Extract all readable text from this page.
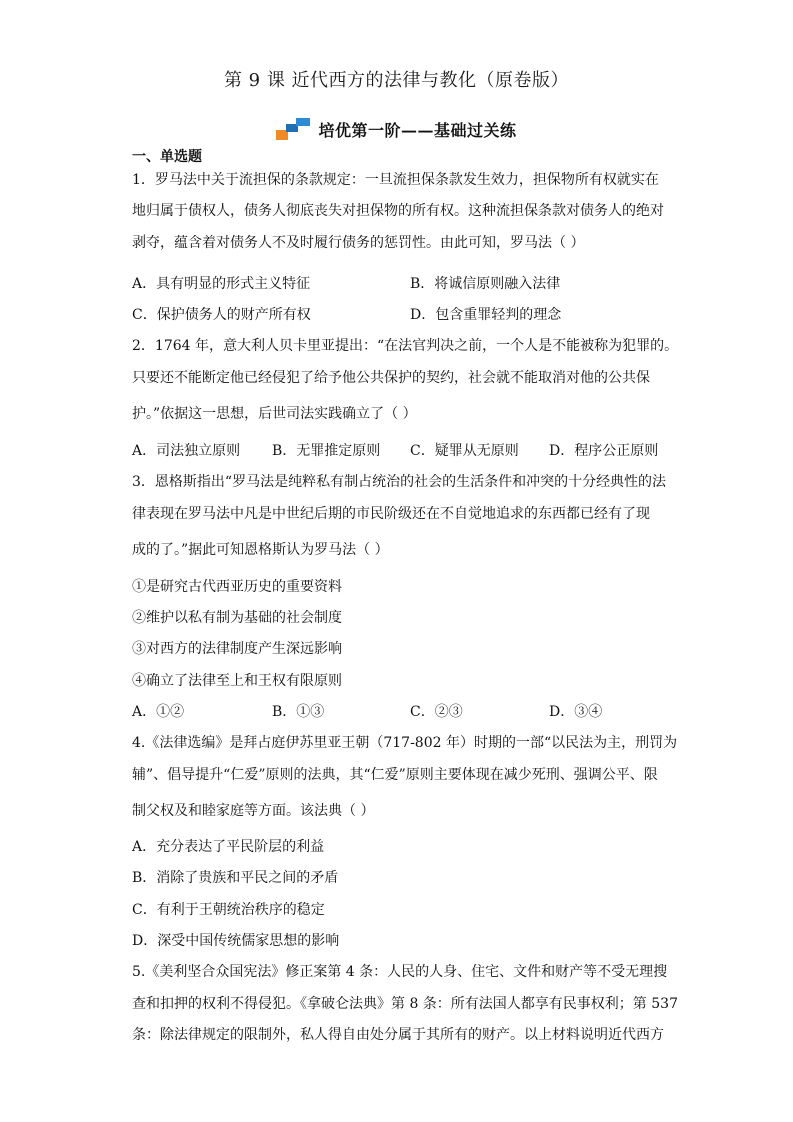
第 9 课 近代西方的法律与教化（原卷版）
培优第一阶——基础过关练
一、单选题
1．罗马法中关于流担保的条款规定：一旦流担保条款发生效力，担保物所有权就实在
地归属于债权人，债务人彻底丧失对担保物的所有权。这种流担保条款对债务人的绝对
剥夺，蕴含着对债务人不及时履行债务的惩罚性。由此可知，罗马法（ ）
A．具有明显的形式主义特征	B．将诚信原则融入法律
C．保护债务人的财产所有权	D．包含重罪轻判的理念
2．1764 年，意大利人贝卡里亚提出：“在法官判决之前，一个人是不能被称为犯罪的。
只要还不能断定他已经侵犯了给予他公共保护的契约，社会就不能取消对他的公共保
护。”依据这一思想，后世司法实践确立了（ ）
A．司法独立原则 B．无罪推定原则 C．疑罪从无原则 D．程序公正原则
3．恩格斯指出“罗马法是纯粹私有制占统治的社会的生活条件和冲突的十分经典性的法
律表现在罗马法中凡是中世纪后期的市民阶级还在不自觉地追求的东西都已经有了现
成的了。”据此可知恩格斯认为罗马法（ ）
①是研究古代西亚历史的重要资料
②维护以私有制为基础的社会制度
③对西方的法律制度产生深远影响
④确立了法律至上和王权有限原则
A．①②	B．①③	C．②③	D．③④
4.《法律选编》是拜占庭伊苏里亚王朝（717-802 年）时期的一部“以民法为主，刑罚为
辅”、倡导提升“仁爱”原则的法典，其“仁爱”原则主要体现在减少死刑、强调公平、限
制父权及和睦家庭等方面。该法典（ ）
A．充分表达了平民阶层的利益
B．消除了贵族和平民之间的矛盾
C．有利于王朝统治秩序的稳定
D．深受中国传统儒家思想的影响
5.《美利坚合众国宪法》修正案第 4 条：人民的人身、住宅、文件和财产等不受无理搜
查和扣押的权利不得侵犯。《拿破仑法典》第 8 条：所有法国人都享有民事权利；第 537
条：除法律规定的限制外，私人得自由处分属于其所有的财产。以上材料说明近代西方
